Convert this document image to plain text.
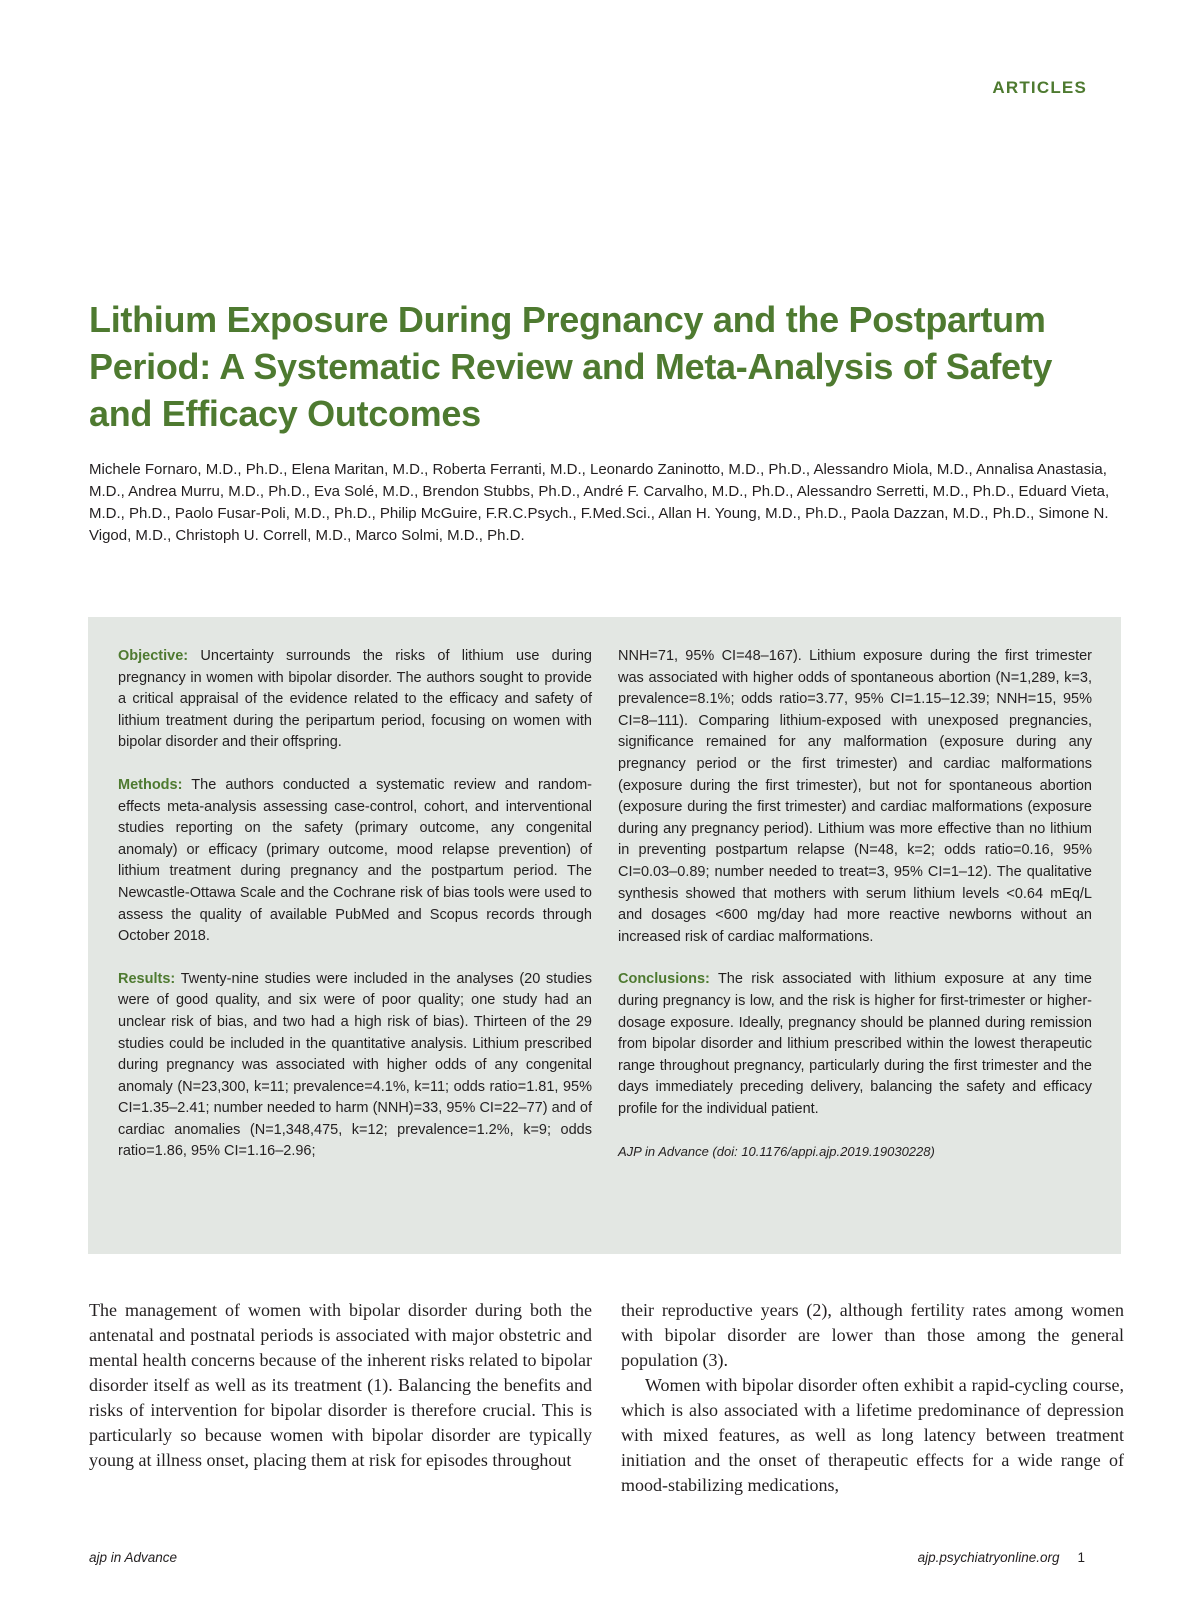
ARTICLES
Lithium Exposure During Pregnancy and the Postpartum Period: A Systematic Review and Meta-Analysis of Safety and Efficacy Outcomes

Michele Fornaro, M.D., Ph.D., Elena Maritan, M.D., Roberta Ferranti, M.D., Leonardo Zaninotto, M.D., Ph.D., Alessandro Miola, M.D., Annalisa Anastasia, M.D., Andrea Murru, M.D., Ph.D., Eva Solé, M.D., Brendon Stubbs, Ph.D., André F. Carvalho, M.D., Ph.D., Alessandro Serretti, M.D., Ph.D., Eduard Vieta, M.D., Ph.D., Paolo Fusar-Poli, M.D., Ph.D., Philip McGuire, F.R.C.Psych., F.Med.Sci., Allan H. Young, M.D., Ph.D., Paola Dazzan, M.D., Ph.D., Simone N. Vigod, M.D., Christoph U. Correll, M.D., Marco Solmi, M.D., Ph.D.

Objective: Uncertainty surrounds the risks of lithium use during pregnancy in women with bipolar disorder. The authors sought to provide a critical appraisal of the evidence related to the efficacy and safety of lithium treatment during the peripartum period, focusing on women with bipolar disorder and their offspring.

Methods: The authors conducted a systematic review and random-effects meta-analysis assessing case-control, cohort, and interventional studies reporting on the safety (primary outcome, any congenital anomaly) or efficacy (primary outcome, mood relapse prevention) of lithium treatment during pregnancy and the postpartum period. The Newcastle-Ottawa Scale and the Cochrane risk of bias tools were used to assess the quality of available PubMed and Scopus records through October 2018.

Results: Twenty-nine studies were included in the analyses (20 studies were of good quality, and six were of poor quality; one study had an unclear risk of bias, and two had a high risk of bias). Thirteen of the 29 studies could be included in the quantitative analysis. Lithium prescribed during pregnancy was associated with higher odds of any congenital anomaly (N=23,300, k=11; prevalence=4.1%, k=11; odds ratio=1.81, 95% CI=1.35–2.41; number needed to harm (NNH)=33, 95% CI=22–77) and of cardiac anomalies (N=1,348,475, k=12; prevalence=1.2%, k=9; odds ratio=1.86, 95% CI=1.16–2.96;

NNH=71, 95% CI=48–167). Lithium exposure during the first trimester was associated with higher odds of spontaneous abortion (N=1,289, k=3, prevalence=8.1%; odds ratio=3.77, 95% CI=1.15–12.39; NNH=15, 95% CI=8–111). Comparing lithium-exposed with unexposed pregnancies, significance remained for any malformation (exposure during any pregnancy period or the first trimester) and cardiac malformations (exposure during the first trimester), but not for spontaneous abortion (exposure during the first trimester) and cardiac malformations (exposure during any pregnancy period). Lithium was more effective than no lithium in preventing postpartum relapse (N=48, k=2; odds ratio=0.16, 95% CI=0.03–0.89; number needed to treat=3, 95% CI=1–12). The qualitative synthesis showed that mothers with serum lithium levels <0.64 mEq/L and dosages <600 mg/day had more reactive newborns without an increased risk of cardiac malformations.

Conclusions: The risk associated with lithium exposure at any time during pregnancy is low, and the risk is higher for first-trimester or higher-dosage exposure. Ideally, pregnancy should be planned during remission from bipolar disorder and lithium prescribed within the lowest therapeutic range throughout pregnancy, particularly during the first trimester and the days immediately preceding delivery, balancing the safety and efficacy profile for the individual patient.

AJP in Advance (doi: 10.1176/appi.ajp.2019.19030228)

The management of women with bipolar disorder during both the antenatal and postnatal periods is associated with major obstetric and mental health concerns because of the inherent risks related to bipolar disorder itself as well as its treatment (1). Balancing the benefits and risks of intervention for bipolar disorder is therefore crucial. This is particularly so because women with bipolar disorder are typically young at illness onset, placing them at risk for episodes throughout

their reproductive years (2), although fertility rates among women with bipolar disorder are lower than those among the general population (3).

Women with bipolar disorder often exhibit a rapid-cycling course, which is also associated with a lifetime predominance of depression with mixed features, as well as long latency between treatment initiation and the onset of therapeutic effects for a wide range of mood-stabilizing medications,

ajp in Advance	ajp.psychiatryonline.org 1
